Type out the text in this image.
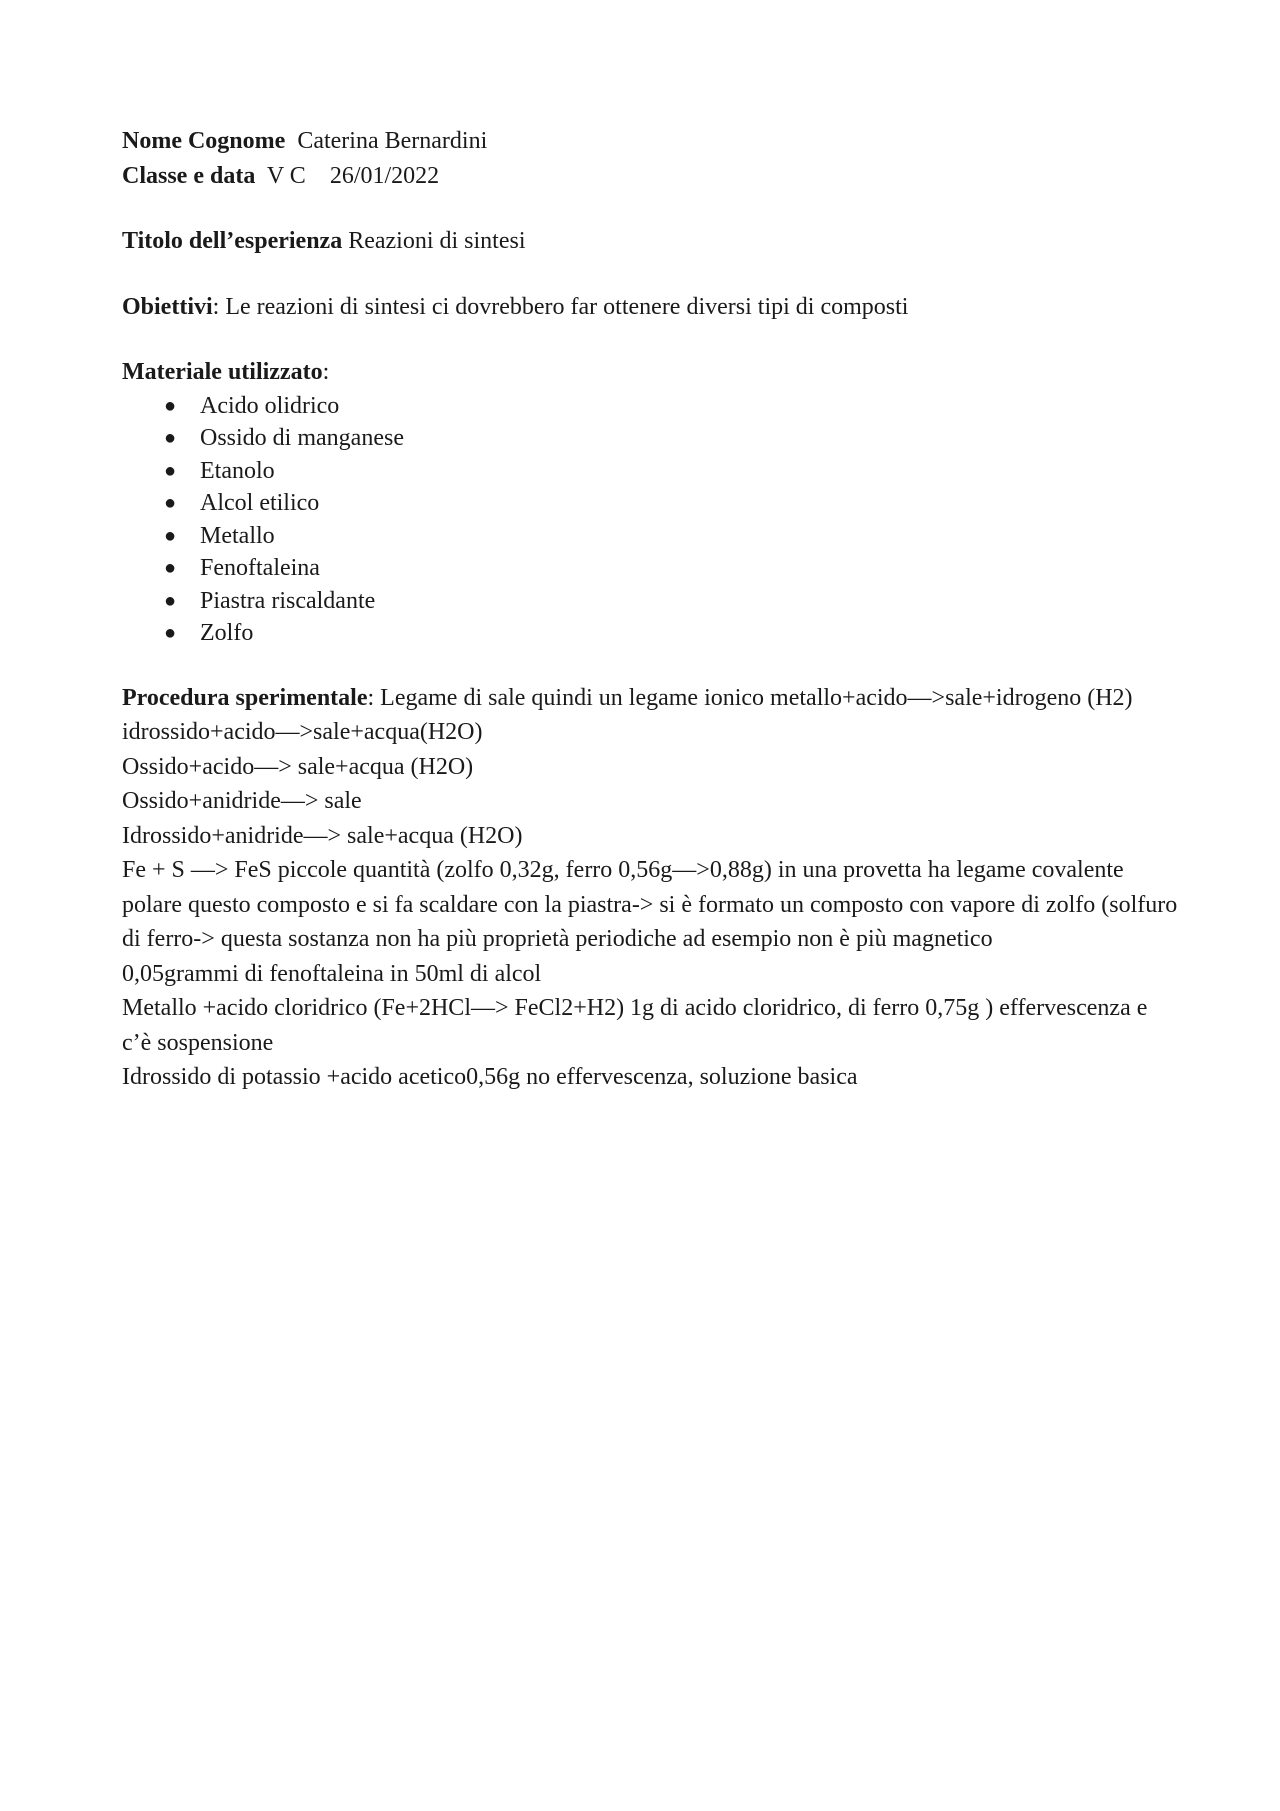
Nome Cognome Caterina Bernardini
Classe e data V C 26/01/2022
Titolo dell’esperienza Reazioni di sintesi
Obiettivi: Le reazioni di sintesi ci dovrebbero far ottenere diversi tipi di composti
Materiale utilizzato:
● Acido olidrico
● Ossido di manganese
● Etanolo
● Alcol etilico
● Metallo
● Fenoftaleina
● Piastra riscaldante
● Zolfo
Procedura sperimentale: Legame di sale quindi un legame ionico metallo+acido—>sale+idrogeno (H2)
idrossido+acido—>sale+acqua(H2O)
Ossido+acido—> sale+acqua (H2O)
Ossido+anidride—> sale
Idrossido+anidride—> sale+acqua (H2O)
Fe + S —> FeS piccole quantità (zolfo 0,32g, ferro 0,56g—>0,88g) in una provetta ha legame covalente polare questo composto e si fa scaldare con la piastra-> si è formato un composto con vapore di zolfo (solfuro di ferro-> questa sostanza non ha più proprietà periodiche ad esempio non è più magnetico
0,05grammi di fenoftaleina in 50ml di alcol
Metallo +acido cloridrico (Fe+2HCl—> FeCl2+H2) 1g di acido cloridrico, di ferro 0,75g ) effervescenza e c’è sospensione
Idrossido di potassio +acido acetico0,56g no effervescenza, soluzione basica
